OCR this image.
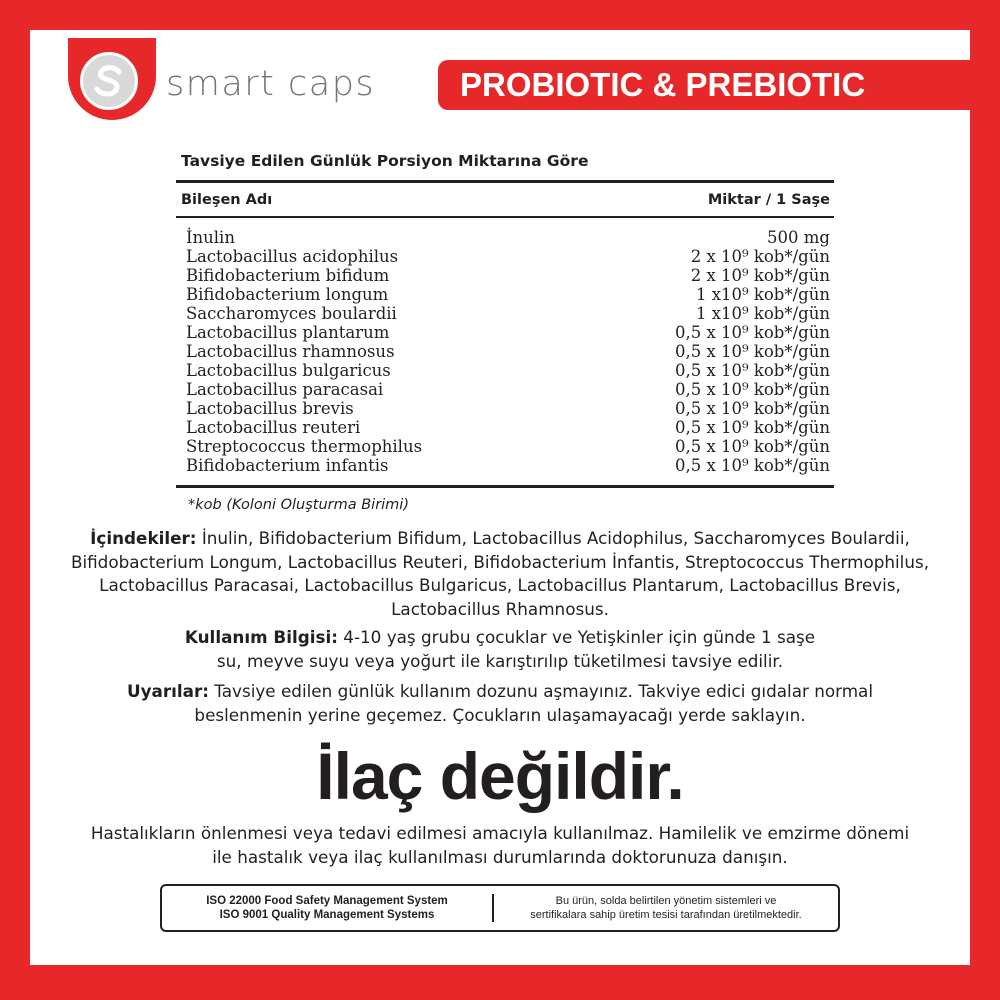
smart caps	PROBIOTIC & PREBIOTIC
Tavsiye Edilen Günlük Porsiyon Miktarına Göre
Bileşen Adı	Miktar / 1 Saşe
İnulin	500 mg
Lactobacillus acidophilus	2 x 10⁹ kob*/gün
Bifidobacterium bifidum	2 x 10⁹ kob*/gün
Bifidobacterium longum	1 x10⁹ kob*/gün
Saccharomyces boulardii	1 x10⁹ kob*/gün
Lactobacillus plantarum	0,5 x 10⁹ kob*/gün
Lactobacillus rhamnosus	0,5 x 10⁹ kob*/gün
Lactobacillus bulgaricus	0,5 x 10⁹ kob*/gün
Lactobacillus paracasai	0,5 x 10⁹ kob*/gün
Lactobacillus brevis	0,5 x 10⁹ kob*/gün
Lactobacillus reuteri	0,5 x 10⁹ kob*/gün
Streptococcus thermophilus	0,5 x 10⁹ kob*/gün
Bifidobacterium infantis	0,5 x 10⁹ kob*/gün
*kob (Koloni Oluşturma Birimi)
İçindekiler: İnulin, Bifidobacterium Bifidum, Lactobacillus Acidophilus, Saccharomyces Boulardii, Bifidobacterium Longum, Lactobacillus Reuteri, Bifidobacterium İnfantis, Streptococcus Thermophilus, Lactobacillus Paracasai, Lactobacillus Bulgaricus, Lactobacillus Plantarum, Lactobacillus Brevis, Lactobacillus Rhamnosus.
Kullanım Bilgisi: 4-10 yaş grubu çocuklar ve Yetişkinler için günde 1 saşe su, meyve suyu veya yoğurt ile karıştırılıp tüketilmesi tavsiye edilir.
Uyarılar: Tavsiye edilen günlük kullanım dozunu aşmayınız. Takviye edici gıdalar normal beslenmenin yerine geçemez. Çocukların ulaşamayacağı yerde saklayın.
İlaç değildir.
Hastalıkların önlenmesi veya tedavi edilmesi amacıyla kullanılmaz. Hamilelik ve emzirme dönemi ile hastalık veya ilaç kullanılması durumlarında doktorunuza danışın.
ISO 22000 Food Safety Management System
ISO 9001 Quality Management Systems
Bu ürün, solda belirtilen yönetim sistemleri ve
sertifikalara sahip üretim tesisi tarafından üretilmektedir.
